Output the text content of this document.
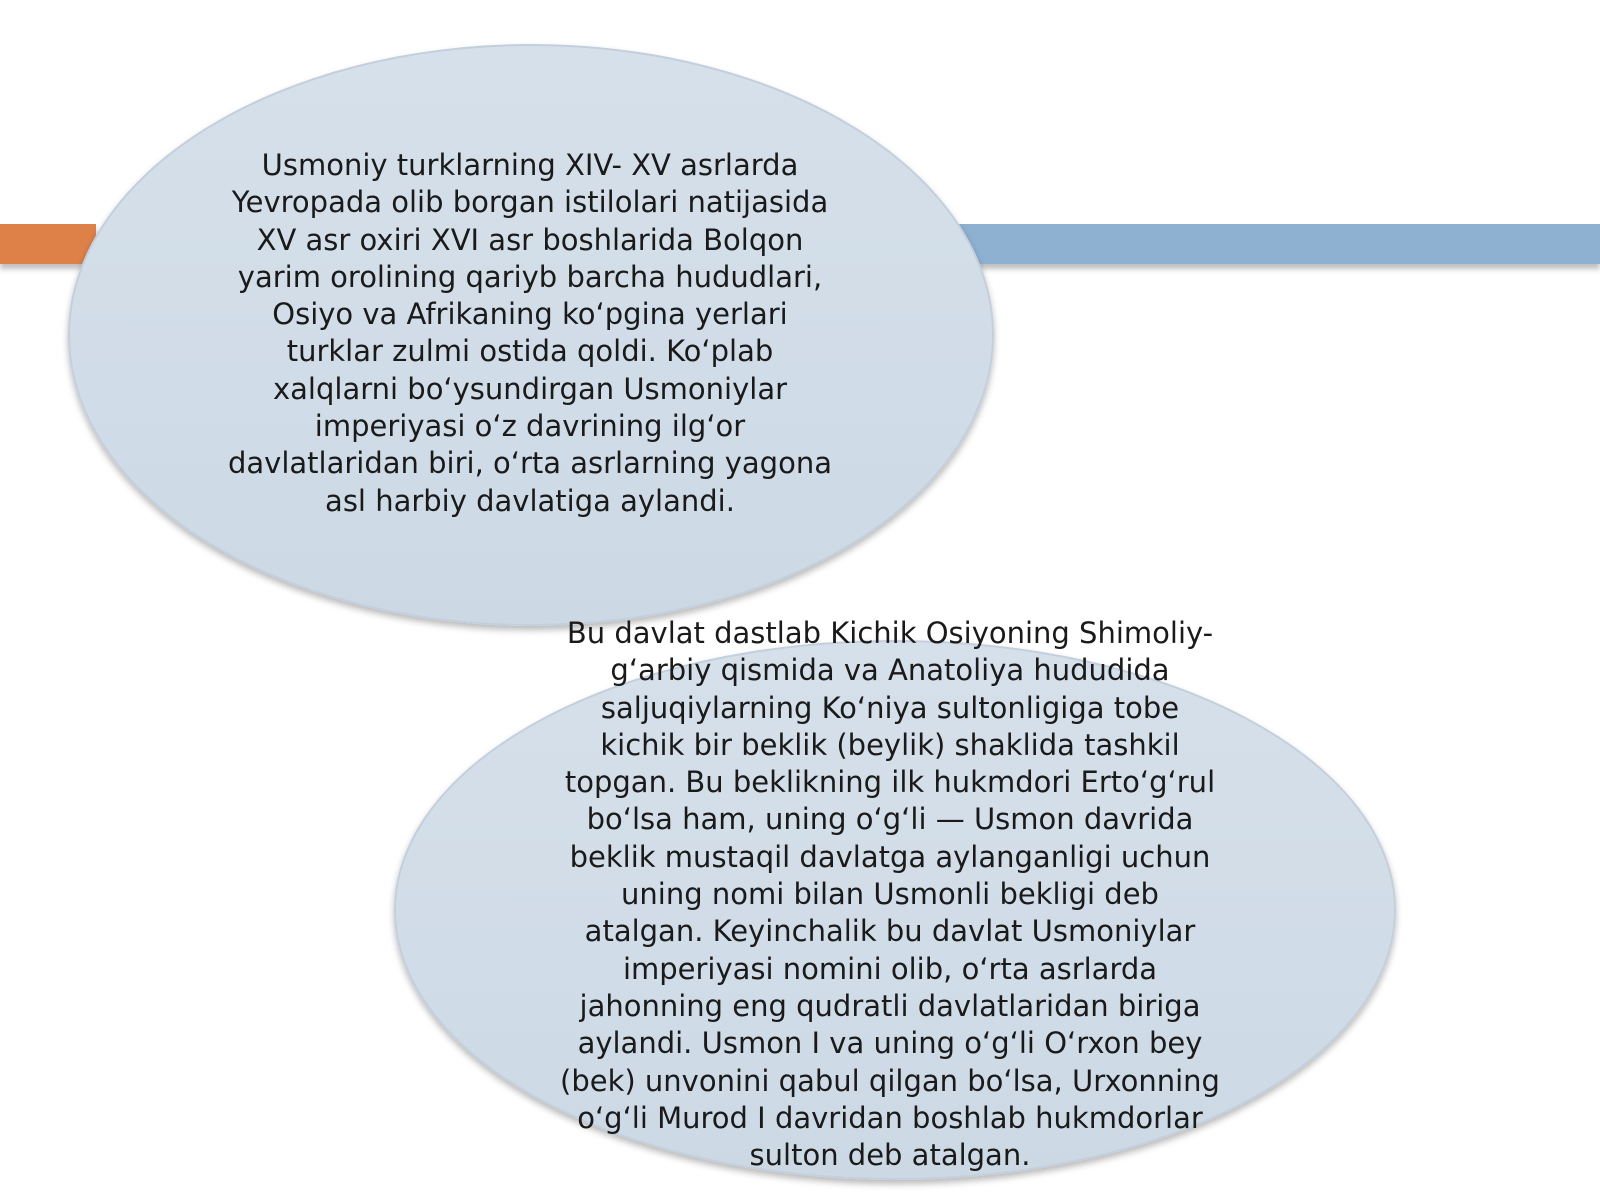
Usmoniy turklarning XIV- XV asrlarda
Yevropada olib borgan istilolari natijasida
XV asr oxiri XVI asr boshlarida Bolqon
yarim orolining qariyb barcha hududlari,
Osiyo va Afrikaning koʻpgina yerlari
turklar zulmi ostida qoldi. Koʻplab
xalqlarni boʻysundirgan Usmoniylar
imperiyasi oʻz davrining ilgʻor
davlatlaridan biri, oʻrta asrlarning yagona
asl harbiy davlatiga aylandi.

Bu davlat dastlab Kichik Osiyoning Shimoliy-
gʻarbiy qismida va Anatoliya hududida
saljuqiylarning Koʻniya sultonligiga tobe
kichik bir beklik (beylik) shaklida tashkil
topgan. Bu beklikning ilk hukmdori Ertoʻgʻrul
boʻlsa ham, uning oʻgʻli — Usmon davrida
beklik mustaqil davlatga aylanganligi uchun
uning nomi bilan Usmonli bekligi deb
atalgan. Keyinchalik bu davlat Usmoniylar
imperiyasi nomini olib, oʻrta asrlarda
jahonning eng qudratli davlatlaridan biriga
aylandi. Usmon I va uning oʻgʻli Oʻrxon bey
(bek) unvonini qabul qilgan boʻlsa, Urxonning
oʻgʻli Murod I davridan boshlab hukmdorlar
sulton deb atalgan.
